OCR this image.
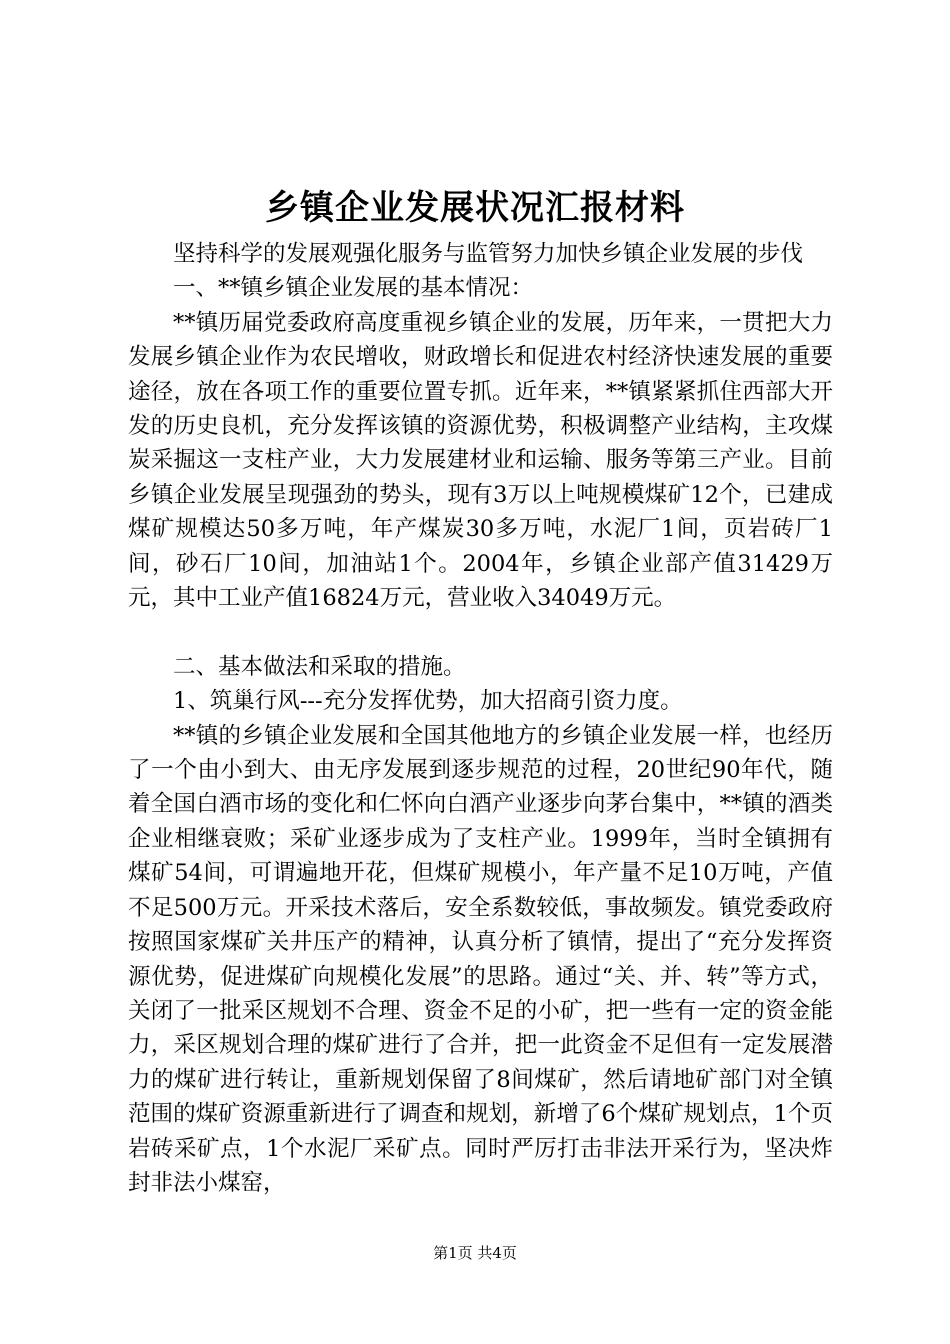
乡镇企业发展状况汇报材料

坚持科学的发展观强化服务与监管努力加快乡镇企业发展的步伐

一、**镇乡镇企业发展的基本情况：

**镇历届党委政府高度重视乡镇企业的发展，历年来，一贯把大力发展乡镇企业作为农民增收，财政增长和促进农村经济快速发展的重要途径，放在各项工作的重要位置专抓。近年来，**镇紧紧抓住西部大开发的历史良机，充分发挥该镇的资源优势，积极调整产业结构，主攻煤炭采掘这一支柱产业，大力发展建材业和运输、服务等第三产业。目前乡镇企业发展呈现强劲的势头，现有3万以上吨规模煤矿12个，已建成煤矿规模达50多万吨，年产煤炭30多万吨，水泥厂1间，页岩砖厂1间，砂石厂10间，加油站1个。2004年，乡镇企业部产值31429万元，其中工业产值16824万元，营业收入34049万元。

二、基本做法和采取的措施。

1、筑巢行风---充分发挥优势，加大招商引资力度。

**镇的乡镇企业发展和全国其他地方的乡镇企业发展一样，也经历了一个由小到大、由无序发展到逐步规范的过程，20世纪90年代，随着全国白酒市场的变化和仁怀向白酒产业逐步向茅台集中，**镇的酒类企业相继衰败；采矿业逐步成为了支柱产业。1999年，当时全镇拥有煤矿54间，可谓遍地开花，但煤矿规模小，年产量不足10万吨，产值不足500万元。开采技术落后，安全系数较低，事故频发。镇党委政府按照国家煤矿关井压产的精神，认真分析了镇情，提出了“充分发挥资源优势，促进煤矿向规模化发展”的思路。通过“关、并、转”等方式，关闭了一批采区规划不合理、资金不足的小矿，把一些有一定的资金能力，采区规划合理的煤矿进行了合并，把一此资金不足但有一定发展潜力的煤矿进行转让，重新规划保留了8间煤矿，然后请地矿部门对全镇范围的煤矿资源重新进行了调查和规划，新增了6个煤矿规划点，1个页岩砖采矿点，1个水泥厂采矿点。同时严厉打击非法开采行为，坚决炸封非法小煤窑，

第1页 共4页
